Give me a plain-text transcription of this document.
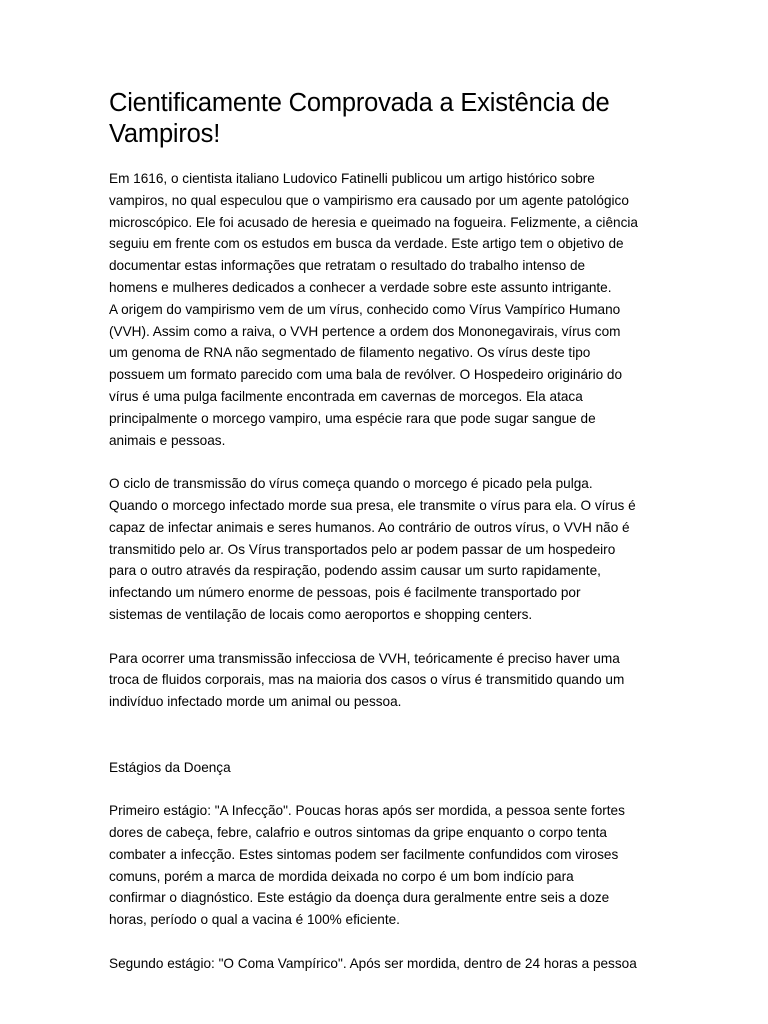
Cientificamente Comprovada a Existência de
Vampiros!

Em 1616, o cientista italiano Ludovico Fatinelli publicou um artigo histórico sobre
vampiros, no qual especulou que o vampirismo era causado por um agente patológico
microscópico. Ele foi acusado de heresia e queimado na fogueira. Felizmente, a ciência
seguiu em frente com os estudos em busca da verdade. Este artigo tem o objetivo de
documentar estas informações que retratam o resultado do trabalho intenso de
homens e mulheres dedicados a conhecer a verdade sobre este assunto intrigante.
A origem do vampirismo vem de um vírus, conhecido como Vírus Vampírico Humano
(VVH). Assim como a raiva, o VVH pertence a ordem dos Mononegavirais, vírus com
um genoma de RNA não segmentado de filamento negativo. Os vírus deste tipo
possuem um formato parecido com uma bala de revólver. O Hospedeiro originário do
vírus é uma pulga facilmente encontrada em cavernas de morcegos. Ela ataca
principalmente o morcego vampiro, uma espécie rara que pode sugar sangue de
animais e pessoas.

O ciclo de transmissão do vírus começa quando o morcego é picado pela pulga.
Quando o morcego infectado morde sua presa, ele transmite o vírus para ela. O vírus é
capaz de infectar animais e seres humanos. Ao contrário de outros vírus, o VVH não é
transmitido pelo ar. Os Vírus transportados pelo ar podem passar de um hospedeiro
para o outro através da respiração, podendo assim causar um surto rapidamente,
infectando um número enorme de pessoas, pois é facilmente transportado por
sistemas de ventilação de locais como aeroportos e shopping centers.

Para ocorrer uma transmissão infecciosa de VVH, teóricamente é preciso haver uma
troca de fluidos corporais, mas na maioria dos casos o vírus é transmitido quando um
indivíduo infectado morde um animal ou pessoa.

Estágios da Doença

Primeiro estágio: "A Infecção". Poucas horas após ser mordida, a pessoa sente fortes
dores de cabeça, febre, calafrio e outros sintomas da gripe enquanto o corpo tenta
combater a infecção. Estes sintomas podem ser facilmente confundidos com viroses
comuns, porém a marca de mordida deixada no corpo é um bom indício para
confirmar o diagnóstico. Este estágio da doença dura geralmente entre seis a doze
horas, período o qual a vacina é 100% eficiente.

Segundo estágio: "O Coma Vampírico". Após ser mordida, dentro de 24 horas a pessoa
